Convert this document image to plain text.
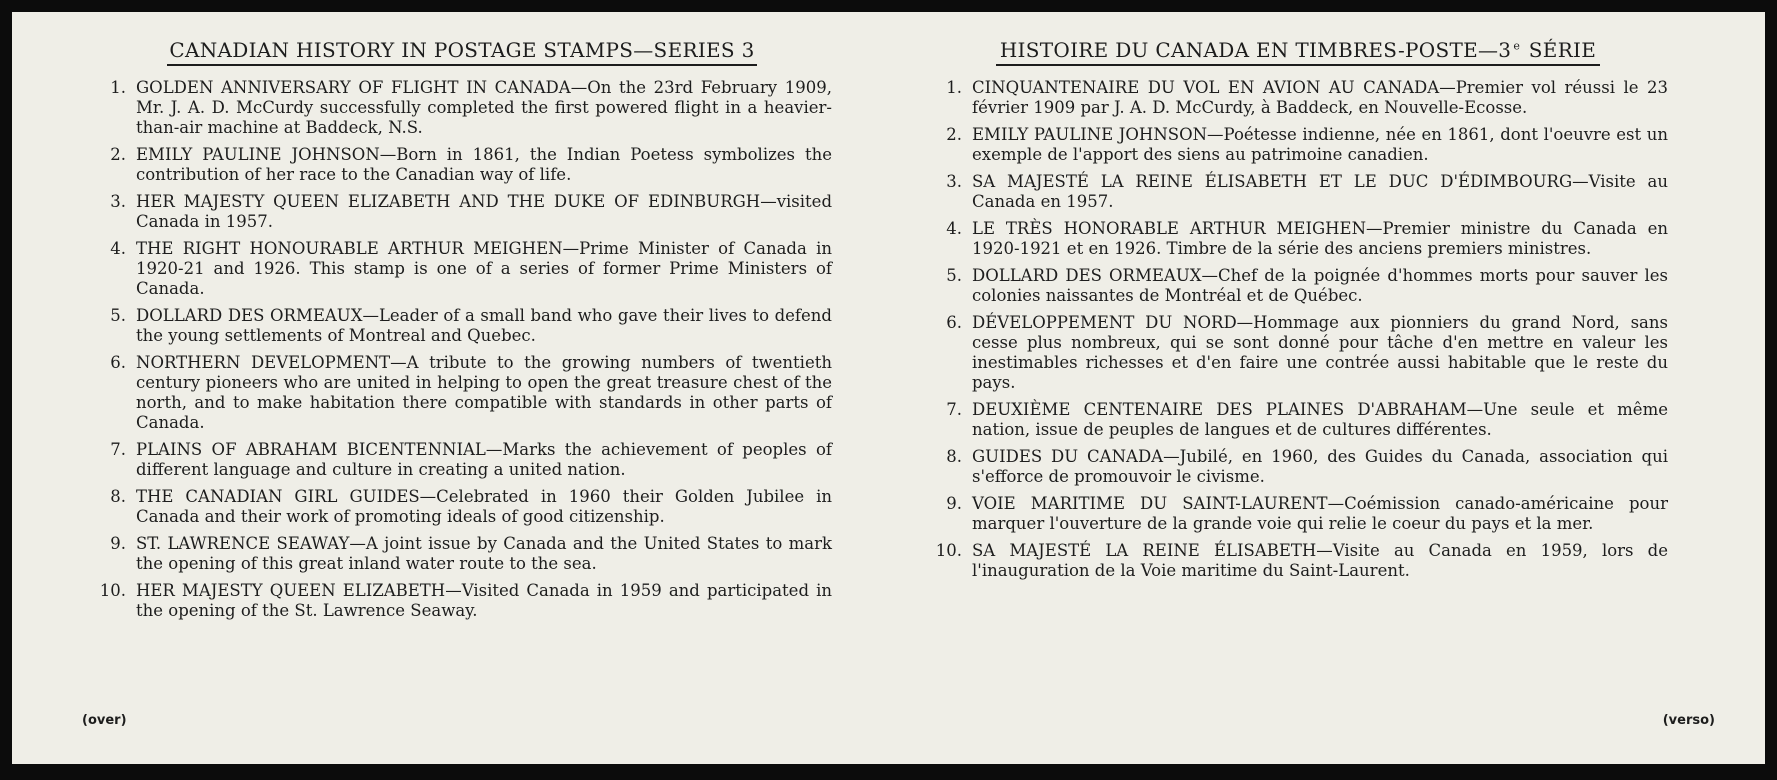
CANADIAN HISTORY IN POSTAGE STAMPS—SERIES 3
1. GOLDEN ANNIVERSARY OF FLIGHT IN CANADA—On the 23rd February 1909, Mr. J. A. D. McCurdy successfully completed the first powered flight in a heavier-than-air machine at Baddeck, N.S.
2. EMILY PAULINE JOHNSON—Born in 1861, the Indian Poetess symbolizes the contribution of her race to the Canadian way of life.
3. HER MAJESTY QUEEN ELIZABETH AND THE DUKE OF EDINBURGH—visited Canada in 1957.
4. THE RIGHT HONOURABLE ARTHUR MEIGHEN—Prime Minister of Canada in 1920-21 and 1926. This stamp is one of a series of former Prime Ministers of Canada.
5. DOLLARD DES ORMEAUX—Leader of a small band who gave their lives to defend the young settlements of Montreal and Quebec.
6. NORTHERN DEVELOPMENT—A tribute to the growing numbers of twentieth century pioneers who are united in helping to open the great treasure chest of the north, and to make habitation there compatible with standards in other parts of Canada.
7. PLAINS OF ABRAHAM BICENTENNIAL—Marks the achievement of peoples of different language and culture in creating a united nation.
8. THE CANADIAN GIRL GUIDES—Celebrated in 1960 their Golden Jubilee in Canada and their work of promoting ideals of good citizenship.
9. ST. LAWRENCE SEAWAY—A joint issue by Canada and the United States to mark the opening of this great inland water route to the sea.
10. HER MAJESTY QUEEN ELIZABETH—Visited Canada in 1959 and participated in the opening of the St. Lawrence Seaway.
HISTOIRE DU CANADA EN TIMBRES-POSTE—3 $^e$ SÉRIE
1. CINQUANTENAIRE DU VOL EN AVION AU CANADA—Premier vol réussi le 23 février 1909 par J. A. D. McCurdy, à Baddeck, en Nouvelle-Ecosse.
2. EMILY PAULINE JOHNSON—Poétesse indienne, née en 1861, dont l'oeuvre est un exemple de l'apport des siens au patrimoine canadien.
3. SA MAJESTÉ LA REINE ÉLISABETH ET LE DUC D'ÉDIMBOURG—Visite au Canada en 1957.
4. LE TRÈS HONORABLE ARTHUR MEIGHEN—Premier ministre du Canada en 1920-1921 et en 1926. Timbre de la série des anciens premiers ministres.
5. DOLLARD DES ORMEAUX—Chef de la poignée d'hommes morts pour sauver les colonies naissantes de Montréal et de Québec.
6. DÉVELOPPEMENT DU NORD—Hommage aux pionniers du grand Nord, sans cesse plus nombreux, qui se sont donné pour tâche d'en mettre en valeur les inestimables richesses et d'en faire une contrée aussi habitable que le reste du pays.
7. DEUXIÈME CENTENAIRE DES PLAINES D'ABRAHAM—Une seule et même nation, issue de peuples de langues et de cultures différentes.
8. GUIDES DU CANADA—Jubilé, en 1960, des Guides du Canada, association qui s'efforce de promouvoir le civisme.
9. VOIE MARITIME DU SAINT-LAURENT—Coémission canado-américaine pour marquer l'ouverture de la grande voie qui relie le coeur du pays et la mer.
10. SA MAJESTÉ LA REINE ÉLISABETH—Visite au Canada en 1959, lors de l'inauguration de la Voie maritime du Saint-Laurent.
(over)	(verso)
